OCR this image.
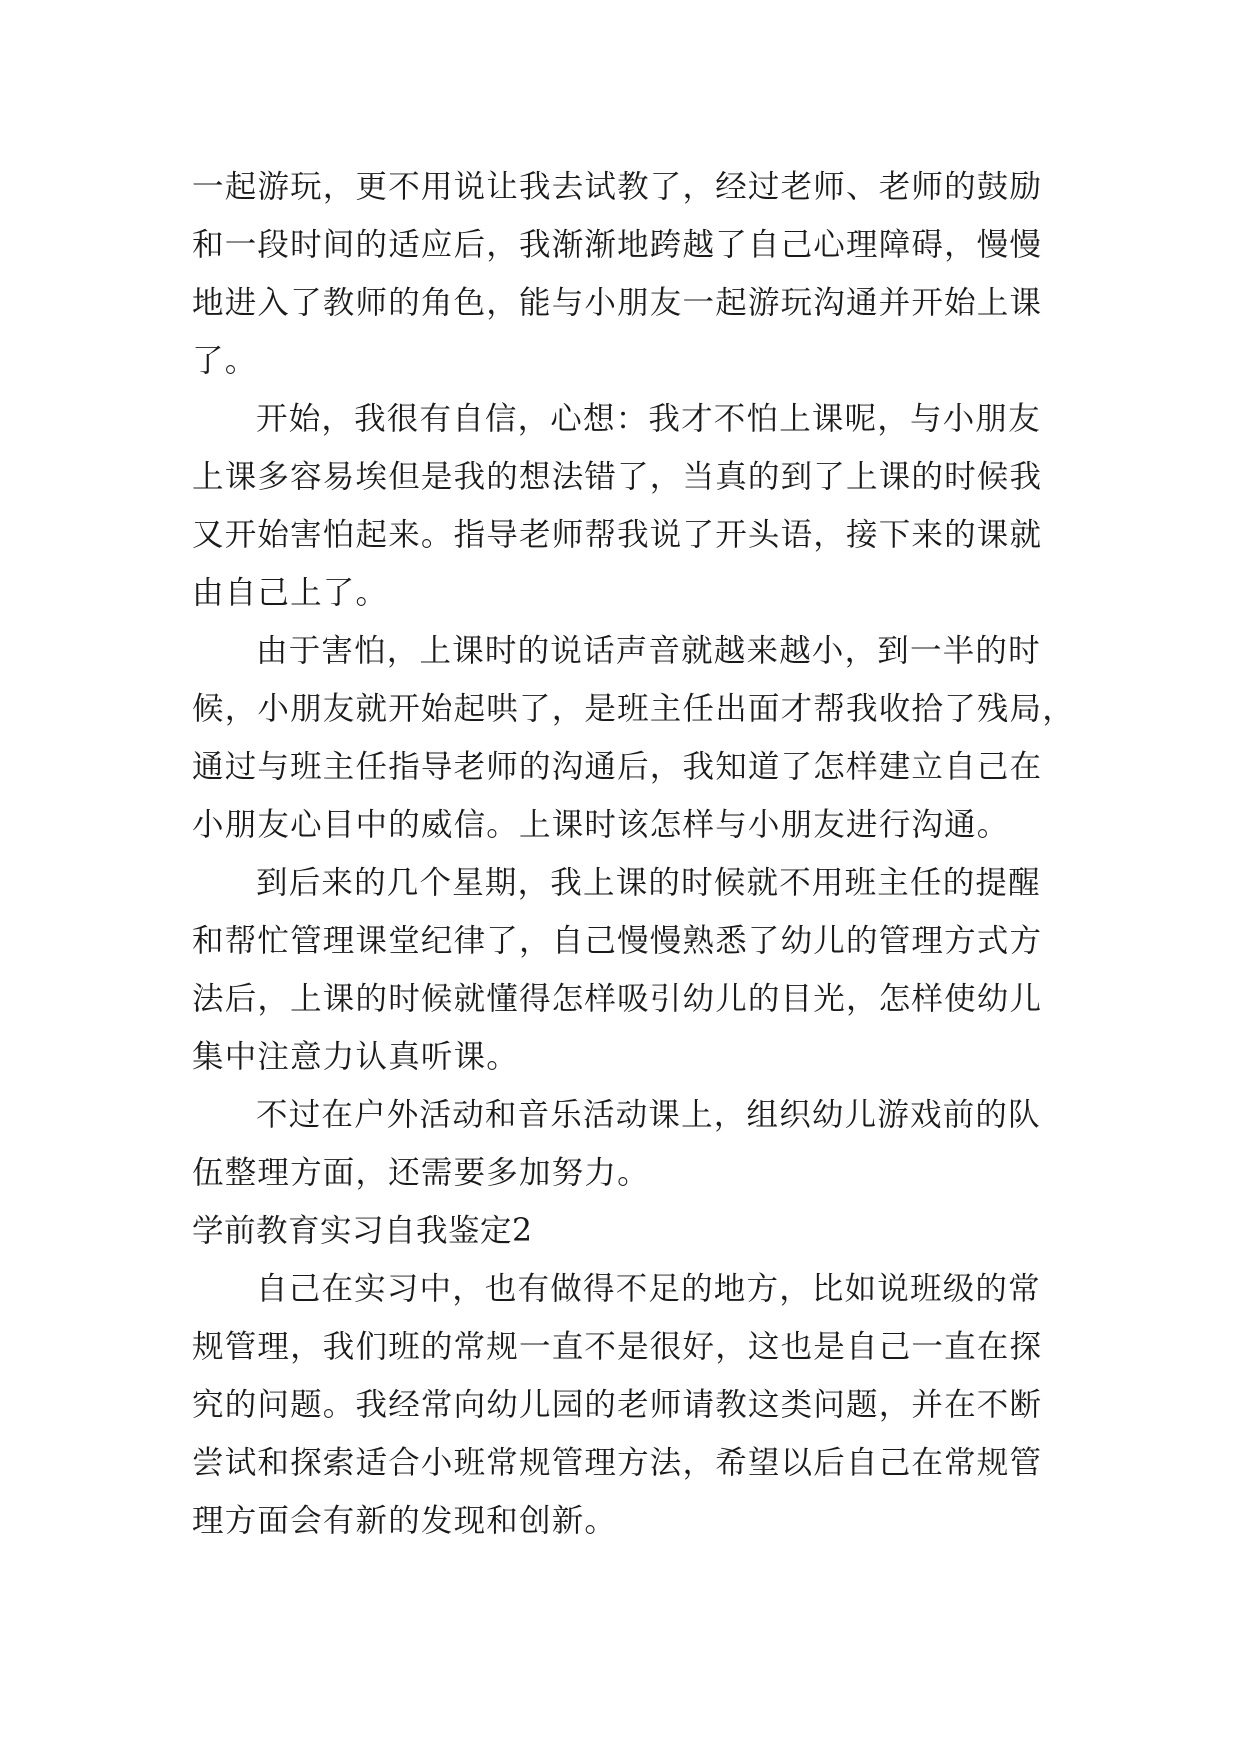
一起游玩，更不用说让我去试教了，经过老师、老师的鼓励
和一段时间的适应后，我渐渐地跨越了自己心理障碍，慢慢
地进入了教师的角色，能与小朋友一起游玩沟通并开始上课
了。
开始，我很有自信，心想：我才不怕上课呢，与小朋友
上课多容易埃但是我的想法错了，当真的到了上课的时候我
又开始害怕起来。指导老师帮我说了开头语，接下来的课就
由自己上了。
由于害怕，上课时的说话声音就越来越小，到一半的时
候，小朋友就开始起哄了，是班主任出面才帮我收拾了残局，
通过与班主任指导老师的沟通后，我知道了怎样建立自己在
小朋友心目中的威信。上课时该怎样与小朋友进行沟通。
到后来的几个星期，我上课的时候就不用班主任的提醒
和帮忙管理课堂纪律了，自己慢慢熟悉了幼儿的管理方式方
法后，上课的时候就懂得怎样吸引幼儿的目光，怎样使幼儿
集中注意力认真听课。
不过在户外活动和音乐活动课上，组织幼儿游戏前的队
伍整理方面，还需要多加努力。
学前教育实习自我鉴定2
自己在实习中，也有做得不足的地方，比如说班级的常
规管理，我们班的常规一直不是很好，这也是自己一直在探
究的问题。我经常向幼儿园的老师请教这类问题，并在不断
尝试和探索适合小班常规管理方法，希望以后自己在常规管
理方面会有新的发现和创新。
